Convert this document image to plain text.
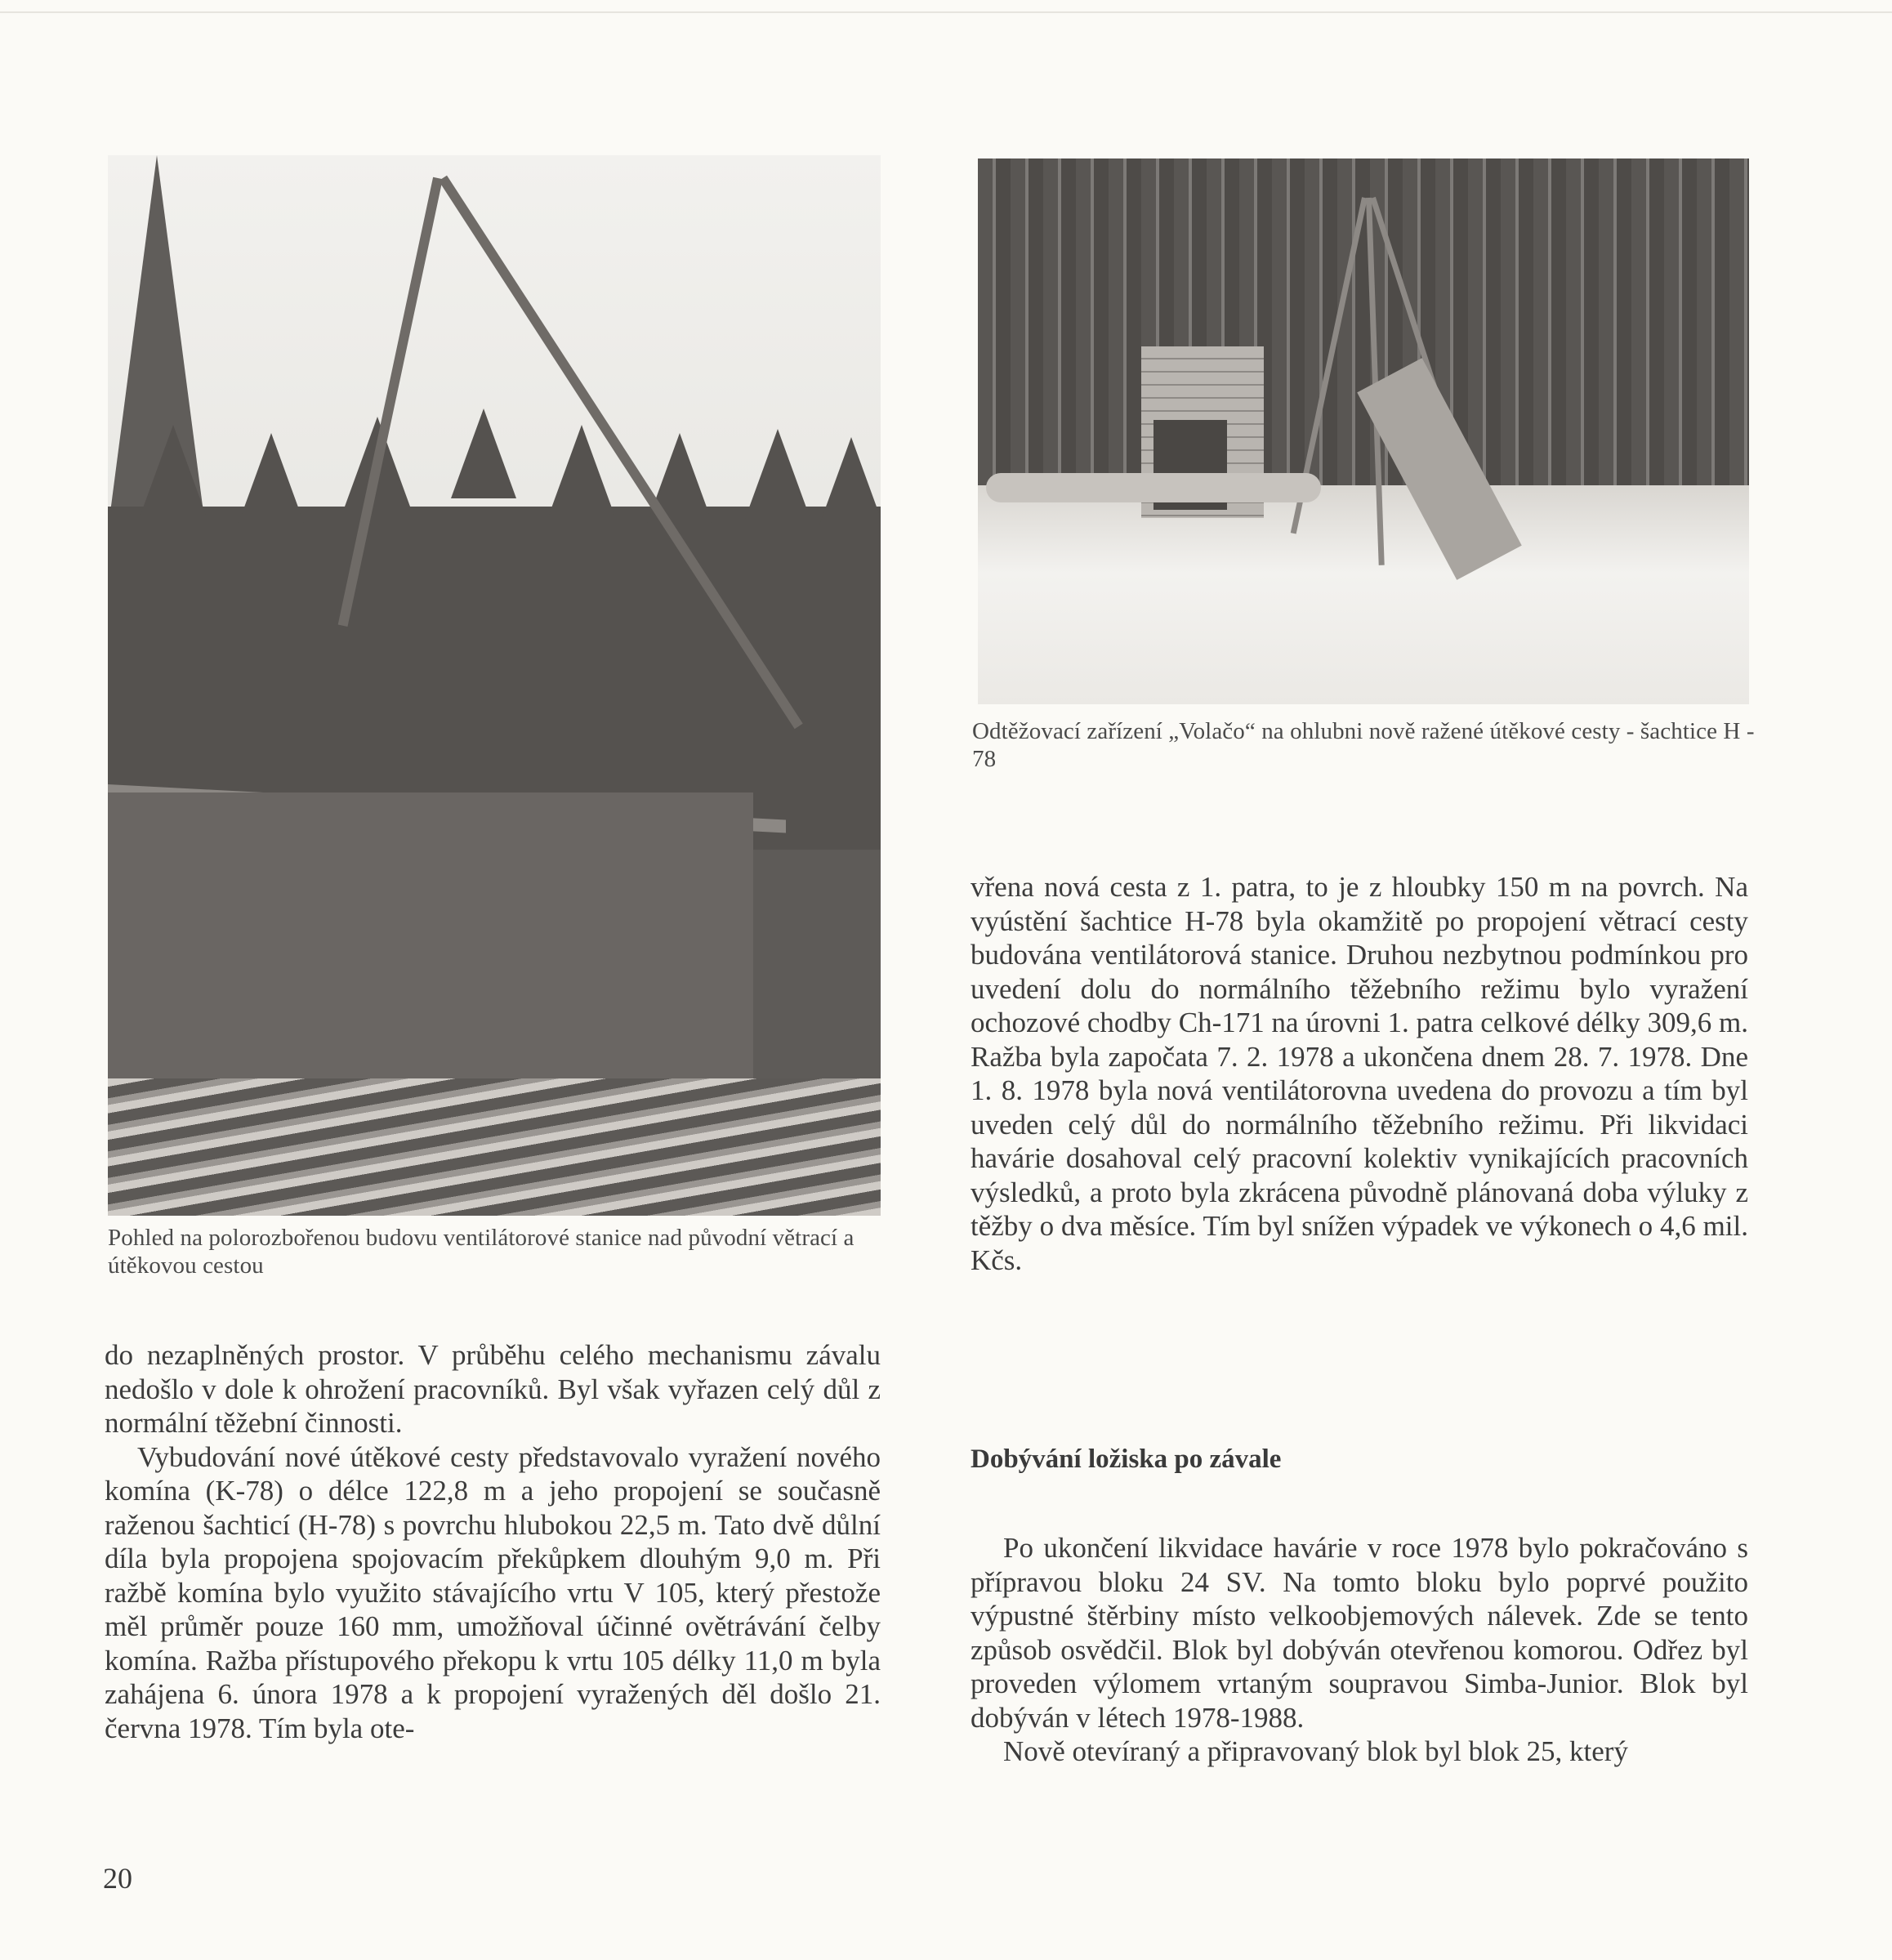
Pohled na polorozbořenou budovu ventilátorové stanice nad původní větrací a útěkovou cestou
Odtěžovací zařízení „Volačo“ na ohlubni nově ražené útěkové cesty - šachtice H - 78

do nezaplněných prostor. V průběhu celého mechanismu závalu nedošlo v dole k ohrožení pracovníků. Byl však vyřazen celý důl z normální těžební činnosti.

Vybudování nové útěkové cesty představovalo vyražení nového komína (K-78) o délce 122,8 m a jeho propojení se současně raženou šachticí (H-78) s povrchu hlubokou 22,5 m. Tato dvě důlní díla byla propojena spojovacím překůpkem dlouhým 9,0 m. Při ražbě komína bylo využito stávajícího vrtu V 105, který přestože měl průměr pouze 160 mm, umožňoval účinné ovětrávání čelby komína. Ražba přístupového překopu k vrtu 105 délky 11,0 m byla zahájena 6. února 1978 a k propojení vyražených děl došlo 21. června 1978. Tím byla ote-

vřena nová cesta z 1. patra, to je z hloubky 150 m na povrch. Na vyústění šachtice H-78 byla okamžitě po propojení větrací cesty budována ventilátorová stanice. Druhou nezbytnou podmínkou pro uvedení dolu do normálního těžebního režimu bylo vyražení ochozové chodby Ch-171 na úrovni 1. patra celkové délky 309,6 m. Ražba byla započata 7. 2. 1978 a ukončena dnem 28. 7. 1978. Dne 1. 8. 1978 byla nová ventilátorovna uvedena do provozu a tím byl uveden celý důl do normálního těžebního režimu. Při likvidaci havárie dosahoval celý pracovní kolektiv vynikajících pracovních výsledků, a proto byla zkrácena původně plánovaná doba výluky z těžby o dva měsíce. Tím byl snížen výpadek ve výkonech o 4,6 mil. Kčs.

Dobývání ložiska po závale

Po ukončení likvidace havárie v roce 1978 bylo pokračováno s přípravou bloku 24 SV. Na tomto bloku bylo poprvé použito výpustné štěrbiny místo velkoobjemových nálevek. Zde se tento způsob osvědčil. Blok byl dobýván otevřenou komorou. Odřez byl proveden výlomem vrtaným soupravou Simba-Junior. Blok byl dobýván v létech 1978-1988.

Nově otevíraný a připravovaný blok byl blok 25, který

20
